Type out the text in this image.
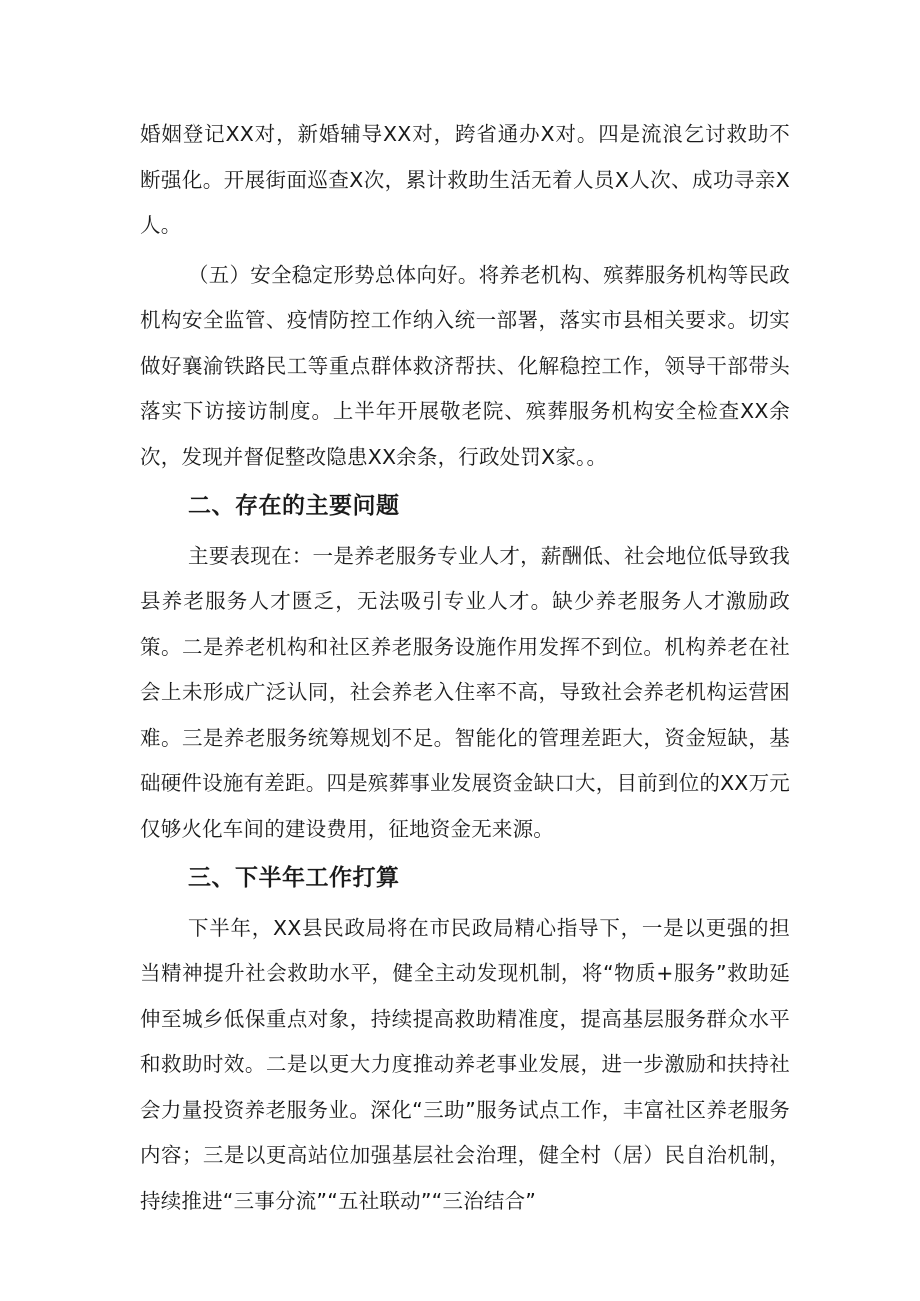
婚姻登记XX对，新婚辅导XX对，跨省通办X对。四是流浪乞讨救助不断强化。开展街面巡查X次，累计救助生活无着人员X人次、成功寻亲X人。

（五）安全稳定形势总体向好。将养老机构、殡葬服务机构等民政机构安全监管、疫情防控工作纳入统一部署，落实市县相关要求。切实做好襄渝铁路民工等重点群体救济帮扶、化解稳控工作，领导干部带头落实下访接访制度。上半年开展敬老院、殡葬服务机构安全检查XX余次，发现并督促整改隐患XX余条，行政处罚X家。。

二、存在的主要问题

主要表现在：一是养老服务专业人才，薪酬低、社会地位低导致我县养老服务人才匮乏，无法吸引专业人才。缺少养老服务人才激励政策。二是养老机构和社区养老服务设施作用发挥不到位。机构养老在社会上未形成广泛认同，社会养老入住率不高，导致社会养老机构运营困难。三是养老服务统筹规划不足。智能化的管理差距大，资金短缺，基础硬件设施有差距。四是殡葬事业发展资金缺口大，目前到位的XX万元仅够火化车间的建设费用，征地资金无来源。

三、下半年工作打算

下半年，XX县民政局将在市民政局精心指导下，一是以更强的担当精神提升社会救助水平，健全主动发现机制，将“物质+服务”救助延伸至城乡低保重点对象，持续提高救助精准度，提高基层服务群众水平和救助时效。二是以更大力度推动养老事业发展，进一步激励和扶持社会力量投资养老服务业。深化“三助”服务试点工作，丰富社区养老服务内容；三是以更高站位加强基层社会治理，健全村（居）民自治机制，持续推进“三事分流”“五社联动”“三治结合”
